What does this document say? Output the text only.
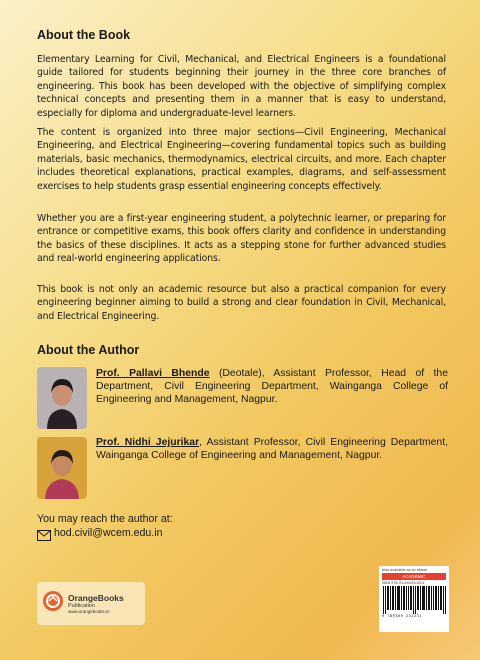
About the Book

Elementary Learning for Civil, Mechanical, and Electrical Engineers is a foundational guide tailored for students beginning their journey in the three core branches of engineering. This book has been developed with the objective of simplifying complex technical concepts and presenting them in a manner that is easy to understand, especially for diploma and undergraduate-level learners.

The content is organized into three major sections—Civil Engineering, Mechanical Engineering, and Electrical Engineering—covering fundamental topics such as building materials, basic mechanics, thermodynamics, electrical circuits, and more. Each chapter includes theoretical explanations, practical examples, diagrams, and self-assessment exercises to help students grasp essential engineering concepts effectively.

Whether you are a first-year engineering student, a polytechnic learner, or preparing for entrance or competitive exams, this book offers clarity and confidence in understanding the basics of these disciplines. It acts as a stepping stone for further advanced studies and real-world engineering applications.

This book is not only an academic resource but also a practical companion for every engineering beginner aiming to build a strong and clear foundation in Civil, Mechanical, and Electrical Engineering.

About the Author

Prof. Pallavi Bhende (Deotale), Assistant Professor, Head of the Department, Civil Engineering Department, Wainganga College of Engineering and Management, Nagpur.

Prof. Nidhi Jejurikar, Assistant Professor, Civil Engineering Department, Wainganga College of Engineering and Management, Nagpur.

You may reach the author at:

hod.civil@wcem.edu.in
OrangeBooks
Publication
www.orangebooks.in
Also available as an ebook
ACADEMIC
ISBN 978-93-XXXXX-XX-X
9 789369 232231
